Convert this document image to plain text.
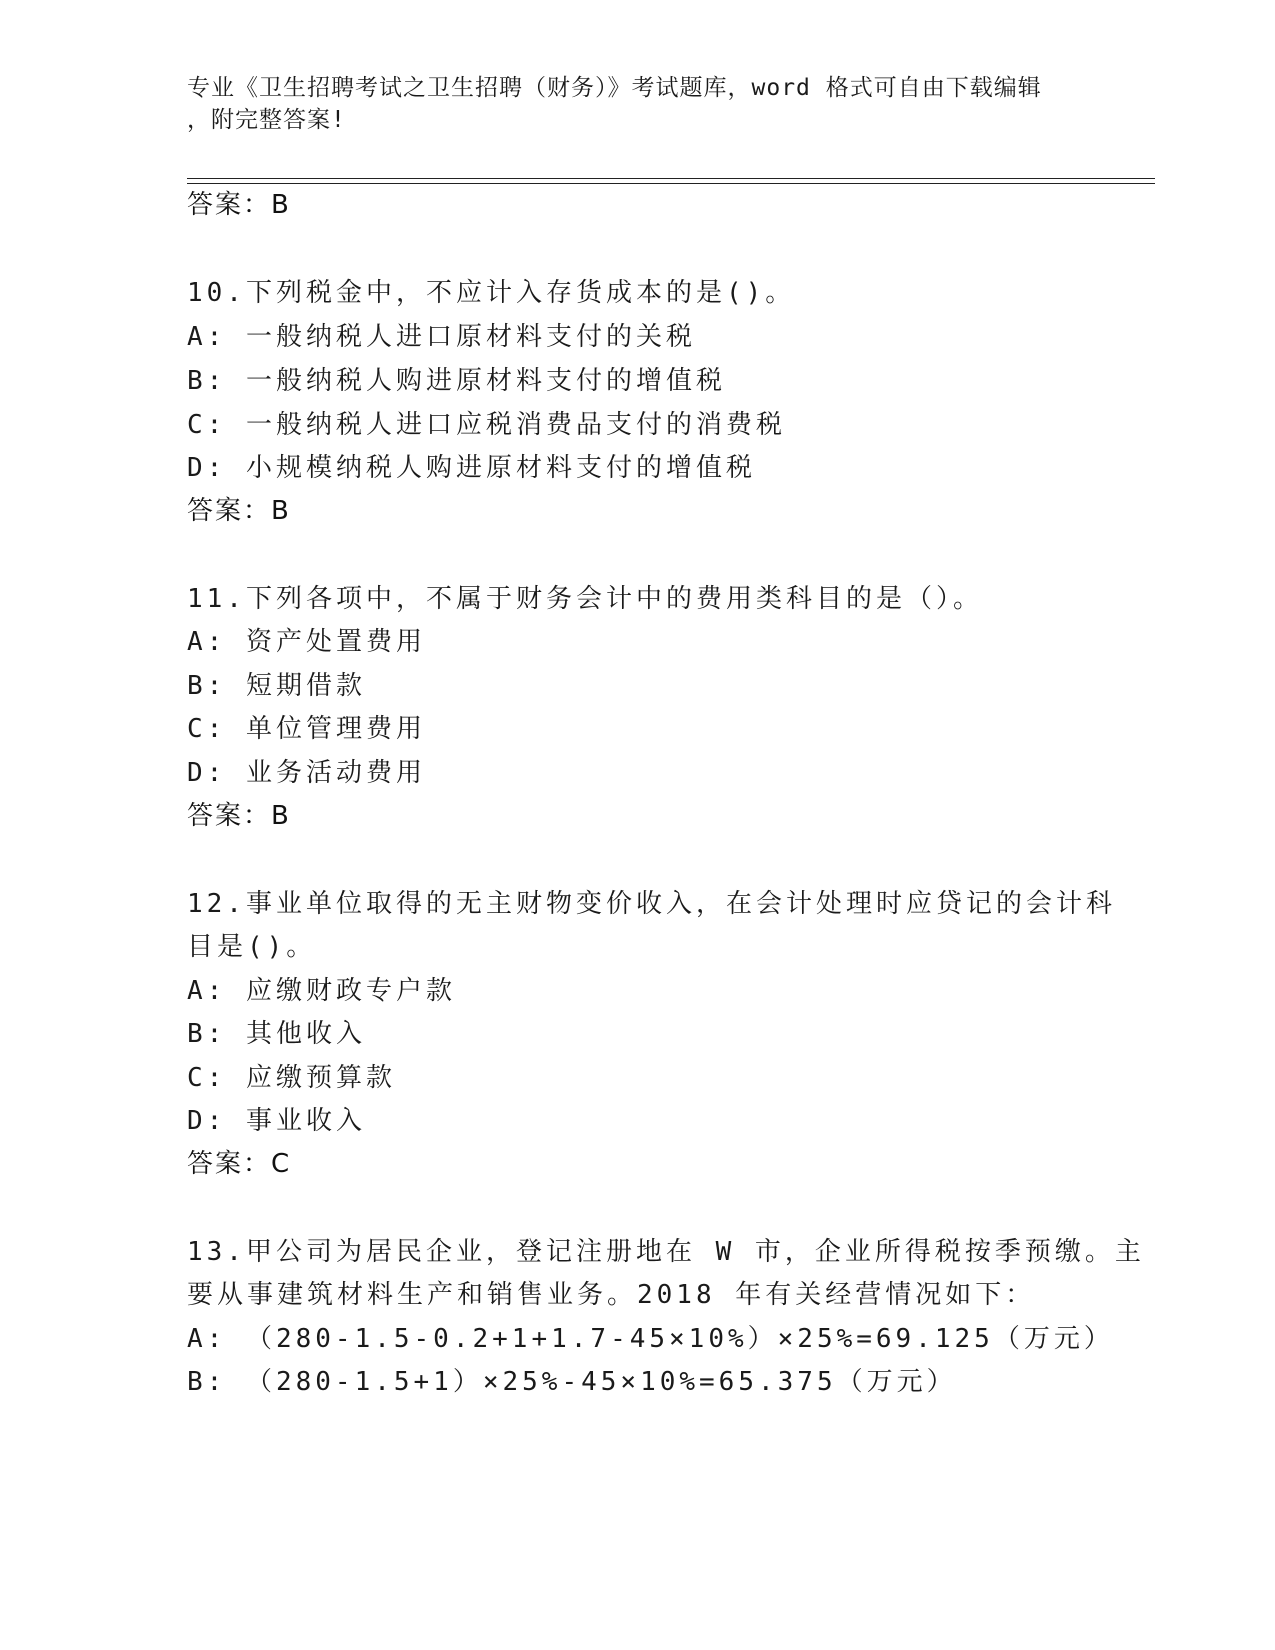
专业《卫生招聘考试之卫生招聘（财务）》考试题库，word 格式可自由下载编辑
，附完整答案!
答案：B
10.下列税金中，不应计入存货成本的是()。
A: 一般纳税人进口原材料支付的关税
B: 一般纳税人购进原材料支付的增值税
C: 一般纳税人进口应税消费品支付的消费税
D: 小规模纳税人购进原材料支付的增值税
答案：B
11.下列各项中，不属于财务会计中的费用类科目的是（）。
A: 资产处置费用
B: 短期借款
C: 单位管理费用
D: 业务活动费用
答案：B
12.事业单位取得的无主财物变价收入，在会计处理时应贷记的会计科
目是()。
A: 应缴财政专户款
B: 其他收入
C: 应缴预算款
D: 事业收入
答案：C
13.甲公司为居民企业，登记注册地在 W 市，企业所得税按季预缴。主
要从事建筑材料生产和销售业务。2018 年有关经营情况如下：
A: （280-1.5-0.2+1+1.7-45×10%）×25%=69.125（万元）
B: （280-1.5+1）×25%-45×10%=65.375（万元）
